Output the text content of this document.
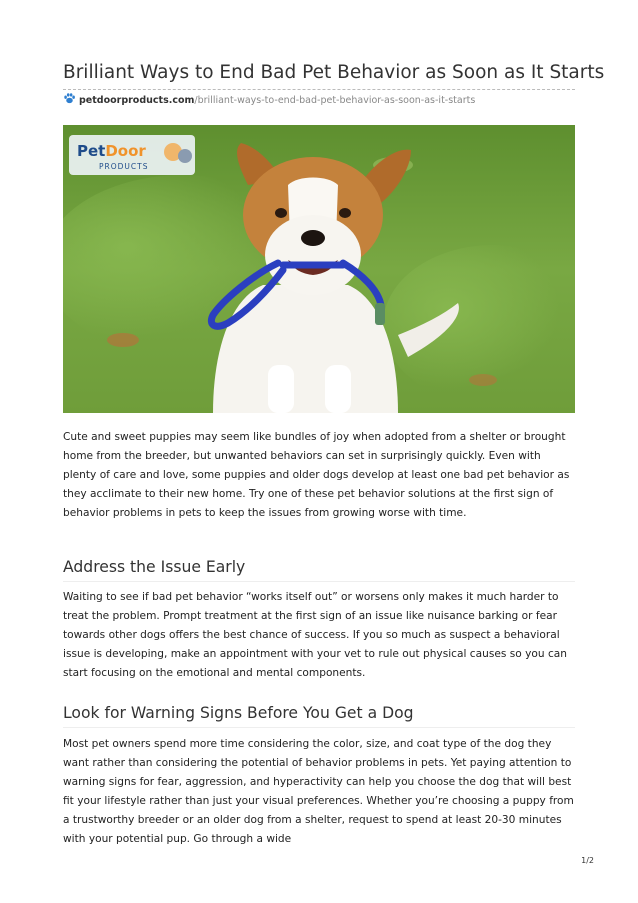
Brilliant Ways to End Bad Pet Behavior as Soon as It Starts
petdoorproducts.com/brilliant-ways-to-end-bad-pet-behavior-as-soon-as-it-starts
PetDoor
PRODUCTS

Cute and sweet puppies may seem like bundles of joy when adopted from a shelter or brought home from the breeder, but unwanted behaviors can set in surprisingly quickly. Even with plenty of care and love, some puppies and older dogs develop at least one bad pet behavior as they acclimate to their new home. Try one of these pet behavior solutions at the first sign of behavior problems in pets to keep the issues from growing worse with time.

Address the Issue Early

Waiting to see if bad pet behavior “works itself out” or worsens only makes it much harder to treat the problem. Prompt treatment at the first sign of an issue like nuisance barking or fear towards other dogs offers the best chance of success. If you so much as suspect a behavioral issue is developing, make an appointment with your vet to rule out physical causes so you can start focusing on the emotional and mental components.

Look for Warning Signs Before You Get a Dog

Most pet owners spend more time considering the color, size, and coat type of the dog they want rather than considering the potential of behavior problems in pets. Yet paying attention to warning signs for fear, aggression, and hyperactivity can help you choose the dog that will best fit your lifestyle rather than just your visual preferences. Whether you’re choosing a puppy from a trustworthy breeder or an older dog from a shelter, request to spend at least 20-30 minutes with your potential pup. Go through a wide

1/2
